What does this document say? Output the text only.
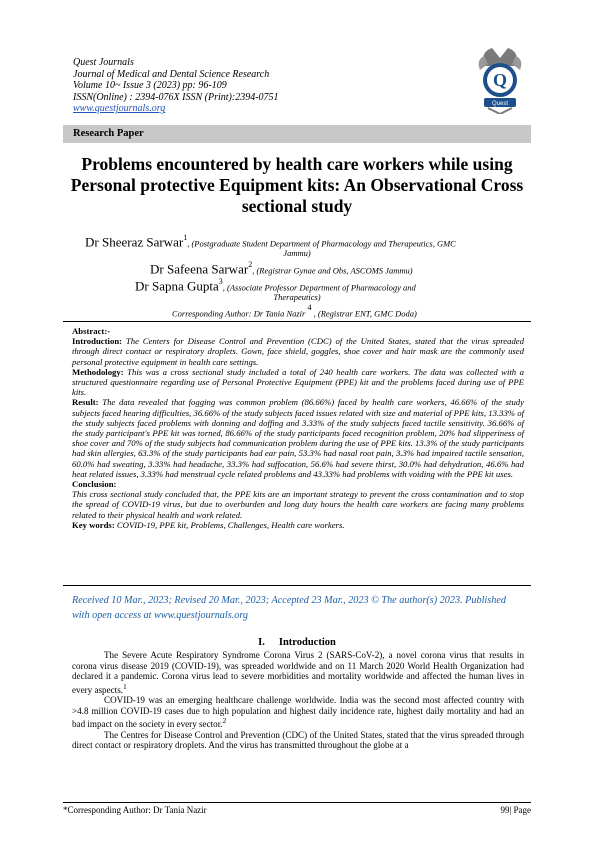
Quest Journals
Journal of Medical and Dental Science Research
Volume 10~ Issue 3 (2023) pp: 96-109
ISSN(Online) : 2394-076X ISSN (Print):2394-0751
www.questjournals.org
Q
Quest
Research Paper
Problems encountered by health care workers while using Personal protective Equipment kits: An Observational Cross sectional study
Dr Sheeraz Sarwar$^1$, (Postgraduate Student Department of Pharmacology and Therapeutics, GMC
Jammu)
Dr Safeena Sarwar$^2$, (Registrar Gynae and Obs, ASCOMS Jammu)
Dr Sapna Gupta$^3$, (Associate Professor Department of Pharmacology and
Therapeutics)
Corresponding Author: Dr Tania Nazir $^4$ , (Registrar ENT, GMC Doda)

Abstract:-

Introduction: The Centers for Disease Control and Prevention (CDC) of the United States, stated that the virus spreaded through direct contact or respiratory droplets. Gown, face shield, goggles, shoe cover and hair mask are the commonly used personal protective equipment in health care settings.

Methodology: This was a cross sectional study included a total of 240 health care workers. The data was collected with a structured questionnaire regarding use of Personal Protective Equipment (PPE) kit and the problems faced during use of PPE kits.

Result: The data revealed that fogging was common problem (86.66%) faced by health care workers, 46.66% of the study subjects faced hearing difficulties, 36.66% of the study subjects faced issues related with size and material of PPE kits, 13.33% of the study subjects faced problems with donning and doffing and 3.33% of the study subjects faced tactile sensitivity. 36.66% of the study participant's PPE kit was torned, 86.66% of the study participants faced recognition problem, 20% had slipperiness of shoe cover and 70% of the study subjects had communication problem during the use of PPE kits. 13.3% of the study participants had skin allergies, 63.3% of the study participants had ear pain, 53.3% had nasal root pain, 3.3% had impaired tactile sensation, 60.0% had sweating, 3.33% had headache, 33.3% had suffocation, 56.6% had severe thirst, 30.0% had dehydration, 46.6% had heat related issues, 3.33% had menstrual cycle related problems and 43.33% had problems with voiding with the PPE kit uses.

Conclusion:

This cross sectional study concluded that, the PPE kits are an important strategy to prevent the cross contamination and to stop the spread of COVID-19 virus, but due to overburden and long duty hours the health care workers are facing many problems related to their physical health and work related.

Key words: COVID-19, PPE kit, Problems, Challenges, Health care workers.

Received 10 Mar., 2023; Revised 20 Mar., 2023; Accepted 23 Mar., 2023 © The author(s) 2023. Published with open access at www.questjournals.org
I. Introduction

The Severe Acute Respiratory Syndrome Corona Virus 2 (SARS-CoV-2), a novel corona virus that results in corona virus disease 2019 (COVID-19), was spreaded worldwide and on 11 March 2020 World Health Organization had declared it a pandemic. Corona virus lead to severe morbidities and mortality worldwide and affected the human lives in every aspects.$^1$

COVID-19 was an emerging healthcare challenge worldwide. India was the second most affected country with >4.8 million COVID-19 cases due to high population and highest daily incidence rate, highest daily mortality and had an bad impact on the society in every sector.$^2$

The Centres for Disease Control and Prevention (CDC) of the United States, stated that the virus spreaded through direct contact or respiratory droplets. And the virus has transmitted throughout the globe at a

*Corresponding Author: Dr Tania Nazir	99| Page
